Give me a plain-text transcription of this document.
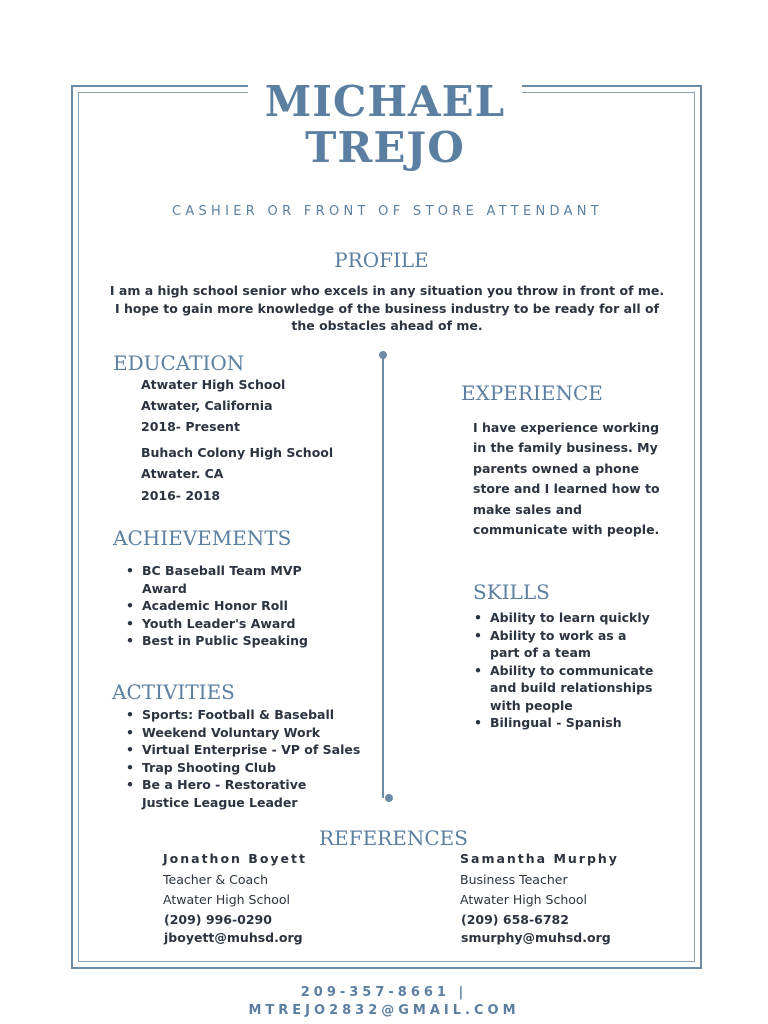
MICHAEL
TREJO
CASHIER OR FRONT OF STORE ATTENDANT
PROFILE
I am a high school senior who excels in any situation you throw in front of me. I hope to gain more knowledge of the business industry to be ready for all of the obstacles ahead of me.
EDUCATION
Atwater High School
Atwater, California
2018- Present
Buhach Colony High School
Atwater. CA
2016- 2018
ACHIEVEMENTS
• BC Baseball Team MVP Award
• Academic Honor Roll
• Youth Leader's Award
• Best in Public Speaking
ACTIVITIES
• Sports: Football & Baseball
• Weekend Voluntary Work
• Virtual Enterprise - VP of Sales
• Trap Shooting Club
• Be a Hero - Restorative Justice League Leader
EXPERIENCE
I have experience working in the family business. My parents owned a phone store and I learned how to make sales and communicate with people.
SKILLS
• Ability to learn quickly
• Ability to work as a part of a team
• Ability to communicate and build relationships with people
• Bilingual - Spanish
REFERENCES
Jonathon Boyett
Teacher & Coach
Atwater High School
(209) 996-0290
jboyett@muhsd.org
Samantha Murphy
Business Teacher
Atwater High School
(209) 658-6782
smurphy@muhsd.org
209-357-8661 |
MTREJO2832@GMAIL.COM
